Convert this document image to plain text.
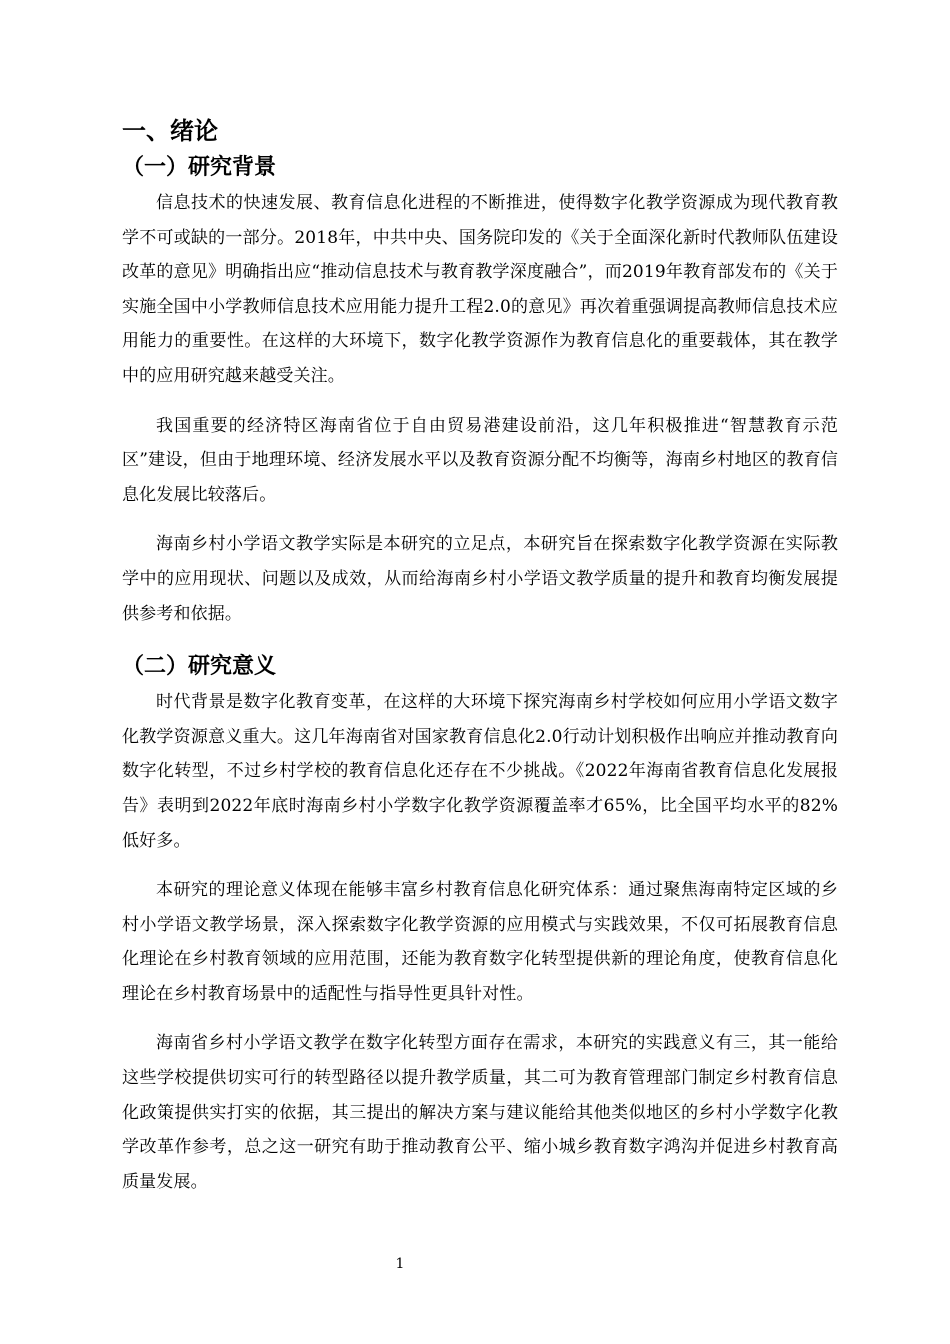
一、绪论
（一）研究背景

信息技术的快速发展、教育信息化进程的不断推进，使得数字化教学资源成为现代教育教学不可或缺的一部分。2018年，中共中央、国务院印发的《关于全面深化新时代教师队伍建设改革的意见》明确指出应“推动信息技术与教育教学深度融合”，而2019年教育部发布的《关于实施全国中小学教师信息技术应用能力提升工程2.0的意见》再次着重强调提高教师信息技术应用能力的重要性。在这样的大环境下，数字化教学资源作为教育信息化的重要载体，其在教学中的应用研究越来越受关注。

我国重要的经济特区海南省位于自由贸易港建设前沿，这几年积极推进“智慧教育示范区”建设，但由于地理环境、经济发展水平以及教育资源分配不均衡等，海南乡村地区的教育信息化发展比较落后。

海南乡村小学语文教学实际是本研究的立足点，本研究旨在探索数字化教学资源在实际教学中的应用现状、问题以及成效，从而给海南乡村小学语文教学质量的提升和教育均衡发展提供参考和依据。

（二）研究意义

时代背景是数字化教育变革，在这样的大环境下探究海南乡村学校如何应用小学语文数字化教学资源意义重大。这几年海南省对国家教育信息化2.0行动计划积极作出响应并推动教育向数字化转型，不过乡村学校的教育信息化还存在不少挑战。《2022年海南省教育信息化发展报告》表明到2022年底时海南乡村小学数字化教学资源覆盖率才65%，比全国平均水平的82%低好多。

本研究的理论意义体现在能够丰富乡村教育信息化研究体系：通过聚焦海南特定区域的乡村小学语文教学场景，深入探索数字化教学资源的应用模式与实践效果，不仅可拓展教育信息化理论在乡村教育领域的应用范围，还能为教育数字化转型提供新的理论角度，使教育信息化理论在乡村教育场景中的适配性与指导性更具针对性。

海南省乡村小学语文教学在数字化转型方面存在需求，本研究的实践意义有三，其一能给这些学校提供切实可行的转型路径以提升教学质量，其二可为教育管理部门制定乡村教育信息化政策提供实打实的依据，其三提出的解决方案与建议能给其他类似地区的乡村小学数字化教学改革作参考，总之这一研究有助于推动教育公平、缩小城乡教育数字鸿沟并促进乡村教育高质量发展。

1
